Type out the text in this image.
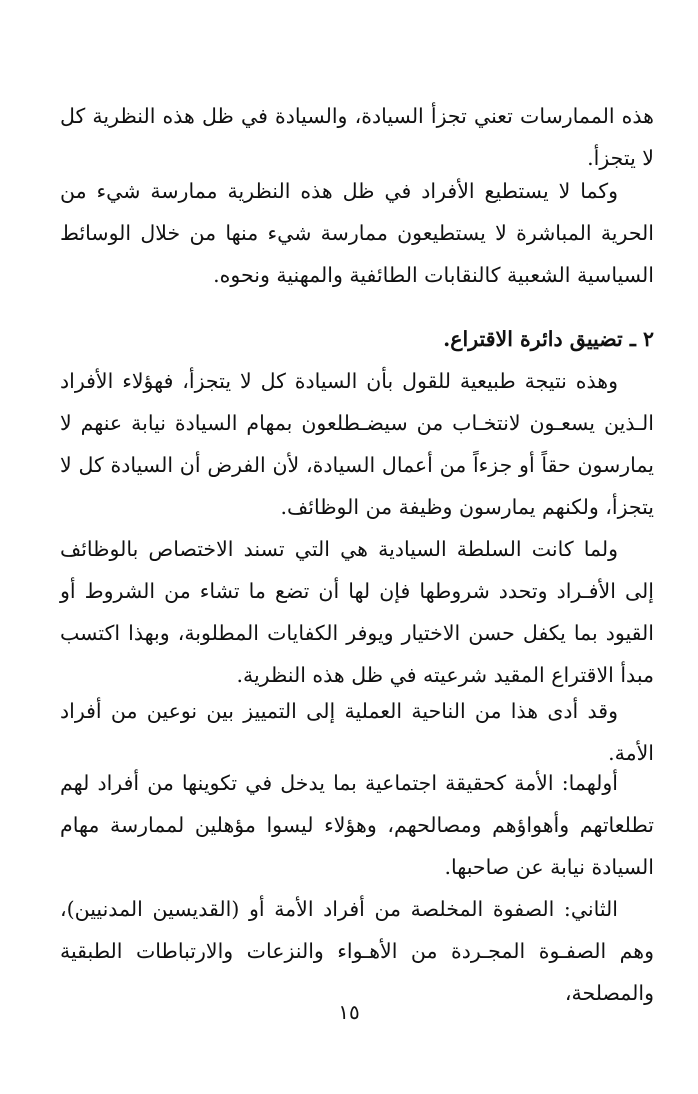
هذه الممارسات تعني تجزأ السيادة، والسيادة في ظل هذه النظرية كل لا يتجزأ.

وكما لا يستطيع الأفراد في ظل هذه النظرية ممارسة شيء من الحرية المباشرة لا يستطيعون ممارسة شيء منها من خلال الوسائط السياسية الشعبية كالنقابات الطائفية والمهنية ونحوه.

٢ ـ تضييق دائرة الاقتراع.

وهذه نتيجة طبيعية للقول بأن السيادة كل لا يتجزأ، فهؤلاء الأفراد الـذين يسعـون لانتخـاب من سيضـطلعون بمهام السيادة نيابة عنهم لا يمارسون حقاً أو جزءاً من أعمال السيادة، لأن الفرض أن السيادة كل لا يتجزأ، ولكنهم يمارسون وظيفة من الوظائف.

ولما كانت السلطة السيادية هي التي تسند الاختصاص بالوظائف إلى الأفـراد وتحدد شروطها فإن لها أن تضع ما تشاء من الشروط أو القيود بما يكفل حسن الاختيار ويوفر الكفايات المطلوبة، وبهذا اكتسب مبدأ الاقتراع المقيد شرعيته في ظل هذه النظرية.

وقد أدى هذا من الناحية العملية إلى التمييز بين نوعين من أفراد الأمة.

أولهما: الأمة كحقيقة اجتماعية بما يدخل في تكوينها من أفراد لهم تطلعاتهم وأهواؤهم ومصالحهم، وهؤلاء ليسوا مؤهلين لممارسة مهام السيادة نيابة عن صاحبها.

الثاني: الصفوة المخلصة من أفراد الأمة أو (القديسين المدنيين)، وهم الصفـوة المجـردة من الأهـواء والنزعات والارتباطات الطبقية والمصلحة،

١٥
